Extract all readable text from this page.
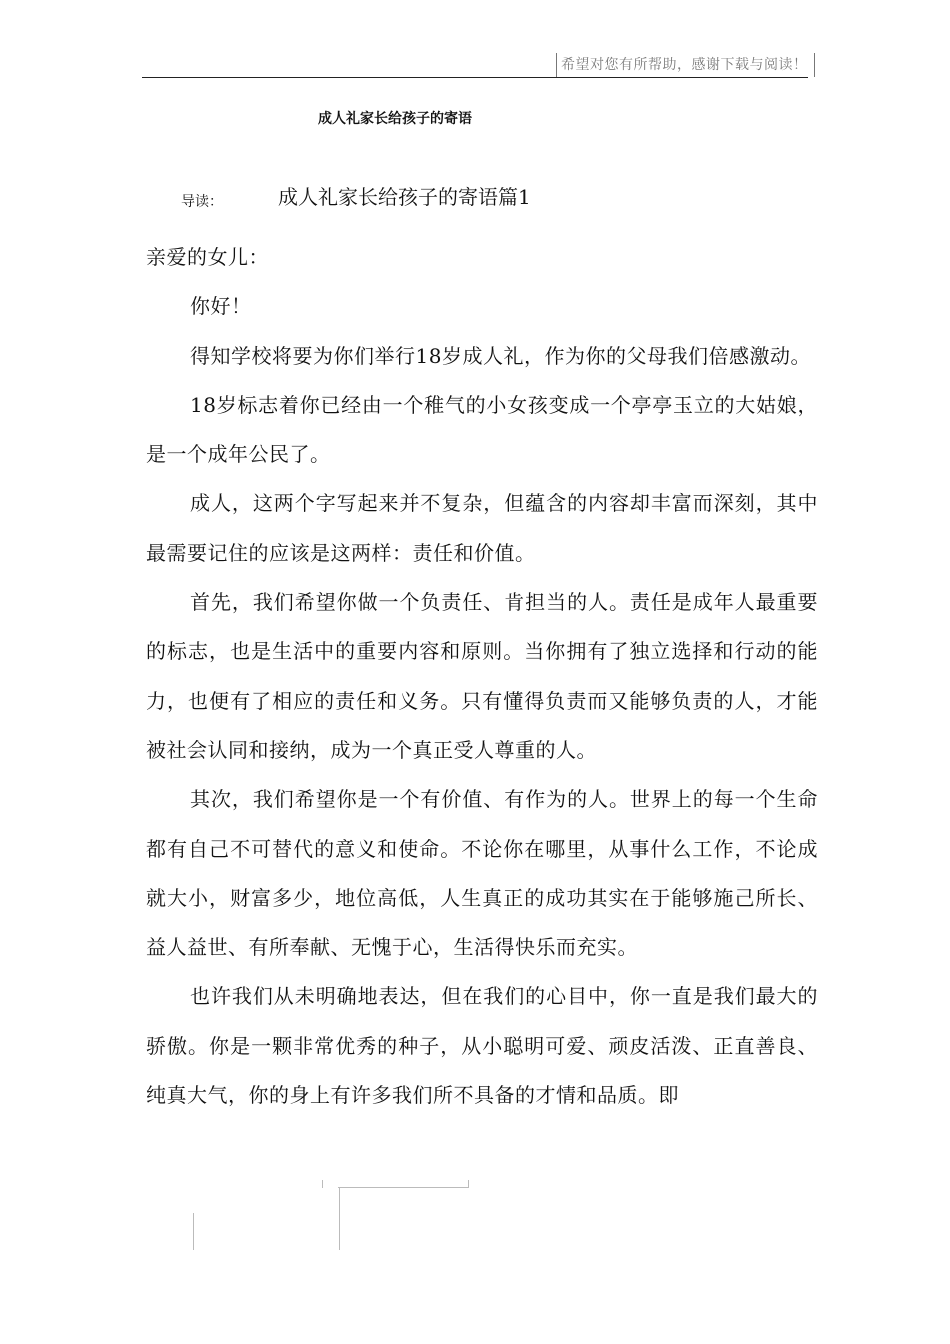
希望对您有所帮助，感谢下载与阅读！
成人礼家长给孩子的寄语
导读：	成人礼家长给孩子的寄语篇1

亲爱的女儿：

你好！

得知学校将要为你们举行18岁成人礼，作为你的父母我们倍感激动。

18岁标志着你已经由一个稚气的小女孩变成一个亭亭玉立的大姑娘，是一个成年公民了。

成人，这两个字写起来并不复杂，但蕴含的内容却丰富而深刻，其中最需要记住的应该是这两样：责任和价值。

首先，我们希望你做一个负责任、肯担当的人。责任是成年人最重要的标志，也是生活中的重要内容和原则。当你拥有了独立选择和行动的能力，也便有了相应的责任和义务。只有懂得负责而又能够负责的人，才能被社会认同和接纳，成为一个真正受人尊重的人。

其次，我们希望你是一个有价值、有作为的人。世界上的每一个生命都有自己不可替代的意义和使命。不论你在哪里，从事什么工作，不论成就大小，财富多少，地位高低，人生真正的成功其实在于能够施己所长、益人益世、有所奉献、无愧于心，生活得快乐而充实。

也许我们从未明确地表达，但在我们的心目中，你一直是我们最大的骄傲。你是一颗非常优秀的种子，从小聪明可爱、顽皮活泼、正直善良、纯真大气，你的身上有许多我们所不具备的才情和品质。即
